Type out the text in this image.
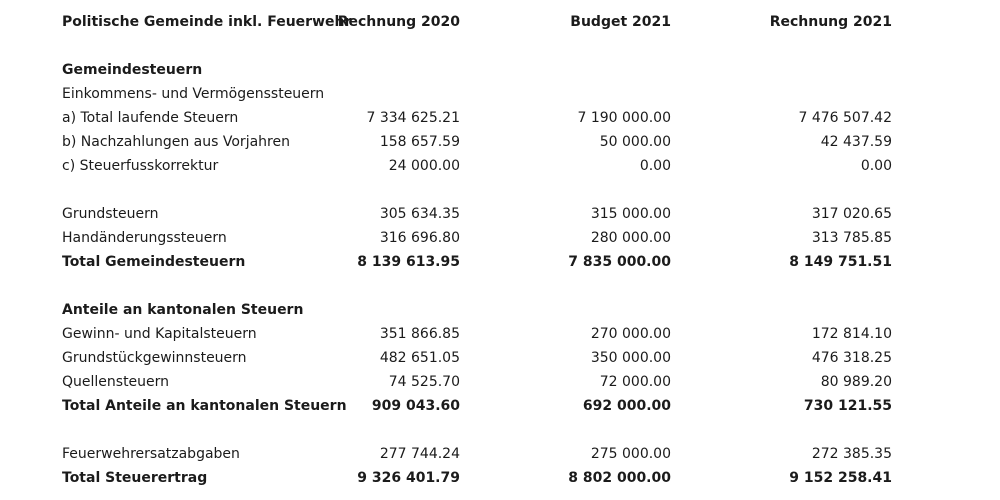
Politische Gemeinde inkl. Feuerwehr
Rechnung 2020	Budget 2021	Rechnung 2021
Gemeindesteuern
Einkommens- und Vermögenssteuern
a) Total laufende Steuern	7 334 625.21	7 190 000.00	7 476 507.42
b) Nachzahlungen aus Vorjahren	158 657.59	50 000.00	42 437.59
c) Steuerfusskorrektur	24 000.00	0.00	0.00
Grundsteuern	305 634.35	315 000.00	317 020.65
Handänderungssteuern	316 696.80	280 000.00	313 785.85
Total Gemeindesteuern	8 139 613.95	7 835 000.00	8 149 751.51
Anteile an kantonalen Steuern
Gewinn- und Kapitalsteuern	351 866.85	270 000.00	172 814.10
Grundstückgewinnsteuern	482 651.05	350 000.00	476 318.25
Quellensteuern	74 525.70	72 000.00	80 989.20
Total Anteile an kantonalen Steuern	909 043.60	692 000.00	730 121.55
Feuerwehrersatzabgaben	277 744.24	275 000.00	272 385.35
Total Steuerertrag	9 326 401.79	8 802 000.00	9 152 258.41
